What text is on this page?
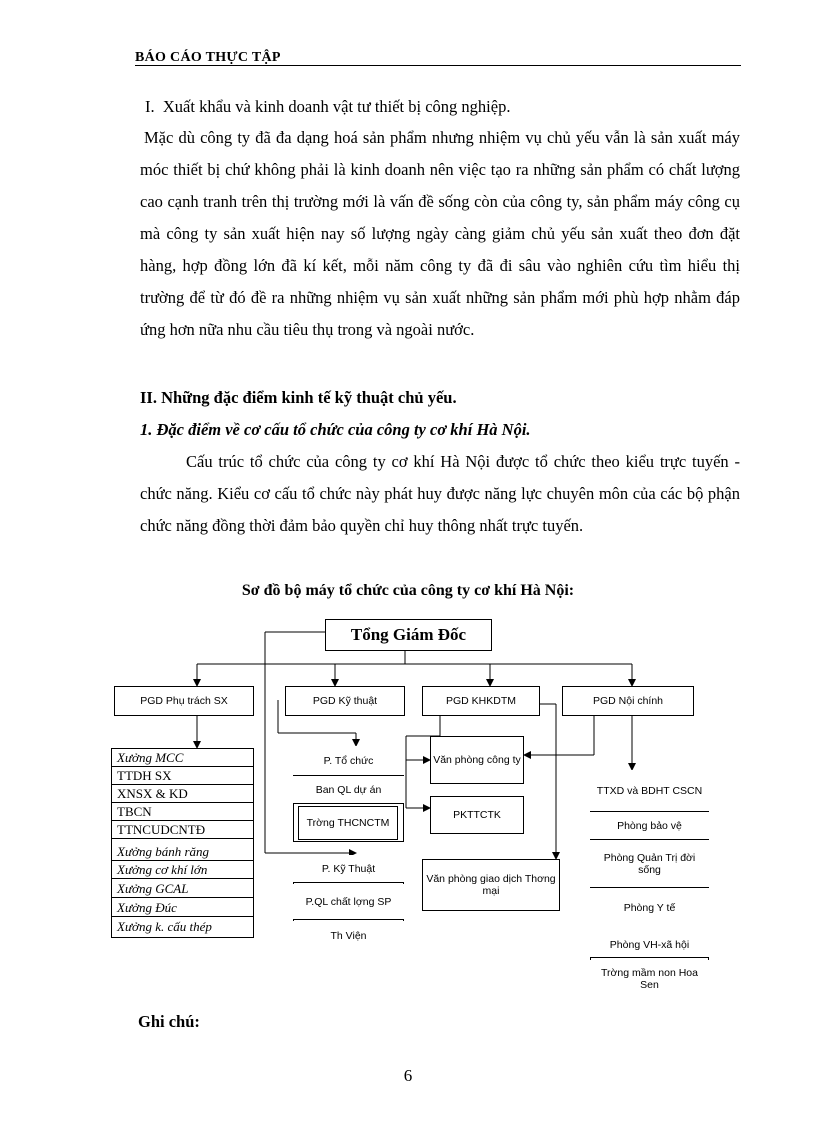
BÁO CÁO THỰC TẬP
I. Xuất khẩu và kinh doanh vật tư thiết bị công nghiệp.
Mặc dù công ty đã đa dạng hoá sản phẩm nhưng nhiệm vụ chủ yếu vẫn là sản xuất máy móc thiết bị chứ không phải là kinh doanh nên việc tạo ra những sản phẩm có chất lượng cao cạnh tranh trên thị trường mới là vấn đề sống còn của công ty, sản phẩm máy công cụ mà công ty sản xuất hiện nay số lượng ngày càng giảm chủ yếu sản xuất theo đơn đặt hàng, hợp đồng lớn đã kí kết, mỗi năm công ty đã đi sâu vào nghiên cứu tìm hiểu thị trường để từ đó đề ra những nhiệm vụ sản xuất những sản phẩm mới phù hợp nhằm đáp ứng hơn nữa nhu cầu tiêu thụ trong và ngoài nước.
II. Những đặc điểm kinh tế kỹ thuật chủ yếu.
1. Đặc điểm về cơ cấu tổ chức của công ty cơ khí Hà Nội.
Cấu trúc tổ chức của công ty cơ khí Hà Nội được tổ chức theo kiểu trực tuyến - chức năng. Kiểu cơ cấu tổ chức này phát huy được năng lực chuyên môn của các bộ phận chức năng đồng thời đảm bảo quyền chỉ huy thông nhất trực tuyến.
Sơ đồ bộ máy tổ chức của công ty cơ khí Hà Nội:
Tổng Giám Đốc
PGD Phụ trách SX	PGD Kỹ thuật	PGD KHKDTM	PGD Nội chính
Xưởng MCC
TTDH SX
XNSX & KD
TBCN
TTNCUDCNTĐ
Xưởng bánh răng
Xưởng cơ khí lớn
Xưởng GCAL
Xưởng Đúc
Xưởng k. cấu thép
P. Tổ chức
Ban QL dự án
Trờng THCNCTM
P. Kỹ Thuật
P.QL chất lợng SP
Th Viện
Văn phòng công ty
PKTTCTK
Văn phòng giao dịch Thơng mại
TTXD và BDHT CSCN
Phòng bảo vệ
Phòng Quản Trị đời sống
Phòng Y tế
Phòng VH-xã hội
Trờng mầm non Hoa Sen
Ghi chú:
6
